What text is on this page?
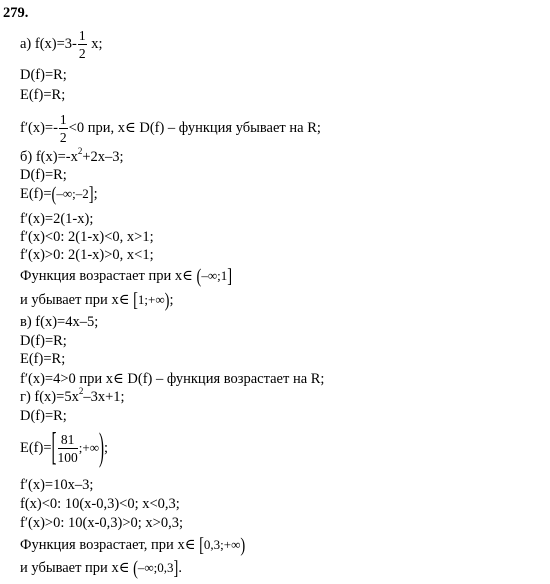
279.
а) $f(x)=3- \frac{1}{2} x$;
D(f)=R;
E(f)=R;
$f'(x)=- \frac{1}{2} <0$ при, x∈ D(f) – функция убывает на R;
б) $f(x)=-x^2+2x-3$;
D(f)=R;
E(f)=(–∞;–2];
f′(x)=2(1-x);
f′(x)<0: 2(1-x)<0, x>1;
f′(x)>0: 2(1-x)>0, x<1;
Функция возрастает при x∈ (–∞;1]
и убывает при x∈ [1;+∞);
в) f(x)=4x–5;
D(f)=R;
E(f)=R;
f′(x)=4>0 при x∈ D(f) – функция возрастает на R;
г) $f(x)=5x^2-3x+1$;
D(f)=R;
$E(f)=[ \frac{81}{100}$ ;+∞);
f′(x)=10x–3;
f(x)<0: 10(x-0,3)<0; x<0,3;
f′(x)>0: 10(x-0,3)>0; x>0,3;
Функция возрастает, при x∈ [0,3;+∞)
и убывает при x∈ (–∞;0,3].
